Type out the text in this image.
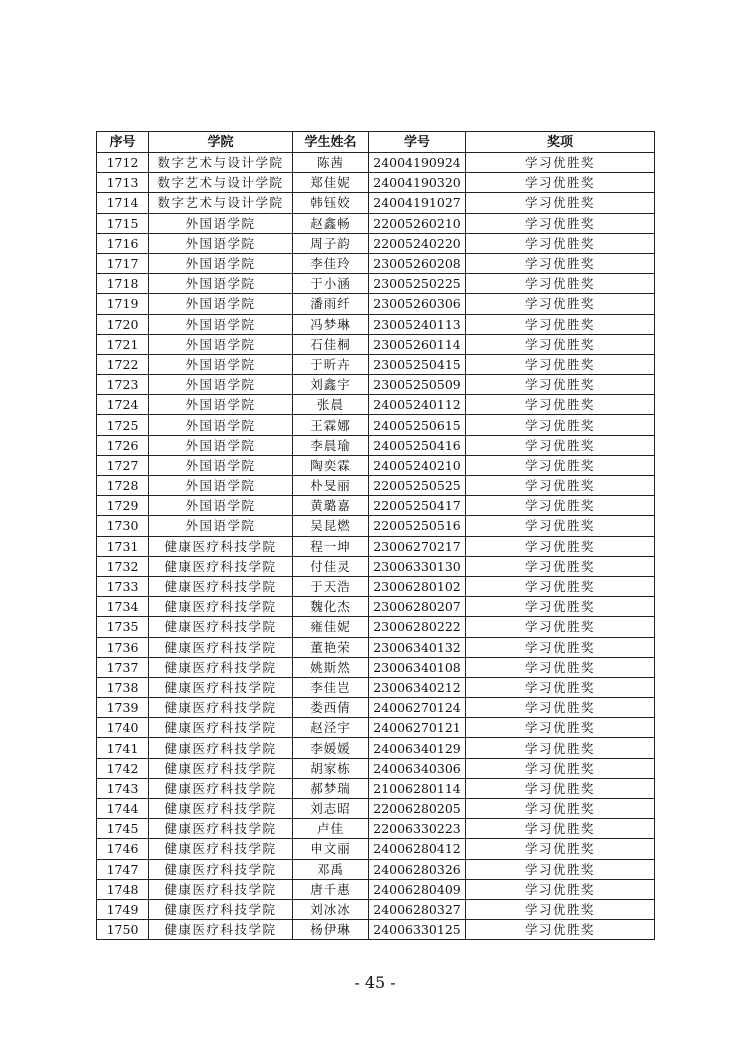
序号	学院	学生姓名	学号	奖项
1712	数字艺术与设计学院	陈茜	24004190924	学习优胜奖
1713	数字艺术与设计学院	郑佳妮	24004190320	学习优胜奖
1714	数字艺术与设计学院	韩钰姣	24004191027	学习优胜奖
1715	外国语学院	赵鑫畅	22005260210	学习优胜奖
1716	外国语学院	周子韵	22005240220	学习优胜奖
1717	外国语学院	李佳玲	23005260208	学习优胜奖
1718	外国语学院	于小涵	23005250225	学习优胜奖
1719	外国语学院	潘雨纤	23005260306	学习优胜奖
1720	外国语学院	冯梦琳	23005240113	学习优胜奖
1721	外国语学院	石佳桐	23005260114	学习优胜奖
1722	外国语学院	于昕卉	23005250415	学习优胜奖
1723	外国语学院	刘鑫宇	23005250509	学习优胜奖
1724	外国语学院	张晨	24005240112	学习优胜奖
1725	外国语学院	王霖娜	24005250615	学习优胜奖
1726	外国语学院	李晨瑜	24005250416	学习优胜奖
1727	外国语学院	陶奕霖	24005240210	学习优胜奖
1728	外国语学院	朴旻丽	22005250525	学习优胜奖
1729	外国语学院	黄璐嘉	22005250417	学习优胜奖
1730	外国语学院	吴昆燃	22005250516	学习优胜奖
1731	健康医疗科技学院	程一坤	23006270217	学习优胜奖
1732	健康医疗科技学院	付佳灵	23006330130	学习优胜奖
1733	健康医疗科技学院	于天浩	23006280102	学习优胜奖
1734	健康医疗科技学院	魏化杰	23006280207	学习优胜奖
1735	健康医疗科技学院	雍佳妮	23006280222	学习优胜奖
1736	健康医疗科技学院	董艳荣	23006340132	学习优胜奖
1737	健康医疗科技学院	姚斯然	23006340108	学习优胜奖
1738	健康医疗科技学院	李佳岂	23006340212	学习优胜奖
1739	健康医疗科技学院	娄西倩	24006270124	学习优胜奖
1740	健康医疗科技学院	赵泾宇	24006270121	学习优胜奖
1741	健康医疗科技学院	李媛媛	24006340129	学习优胜奖
1742	健康医疗科技学院	胡家栋	24006340306	学习优胜奖
1743	健康医疗科技学院	郝梦瑞	21006280114	学习优胜奖
1744	健康医疗科技学院	刘志昭	22006280205	学习优胜奖
1745	健康医疗科技学院	卢佳	22006330223	学习优胜奖
1746	健康医疗科技学院	申文丽	24006280412	学习优胜奖
1747	健康医疗科技学院	邓禹	24006280326	学习优胜奖
1748	健康医疗科技学院	唐千惠	24006280409	学习优胜奖
1749	健康医疗科技学院	刘冰冰	24006280327	学习优胜奖
1750	健康医疗科技学院	杨伊琳	24006330125	学习优胜奖
- 45 -
